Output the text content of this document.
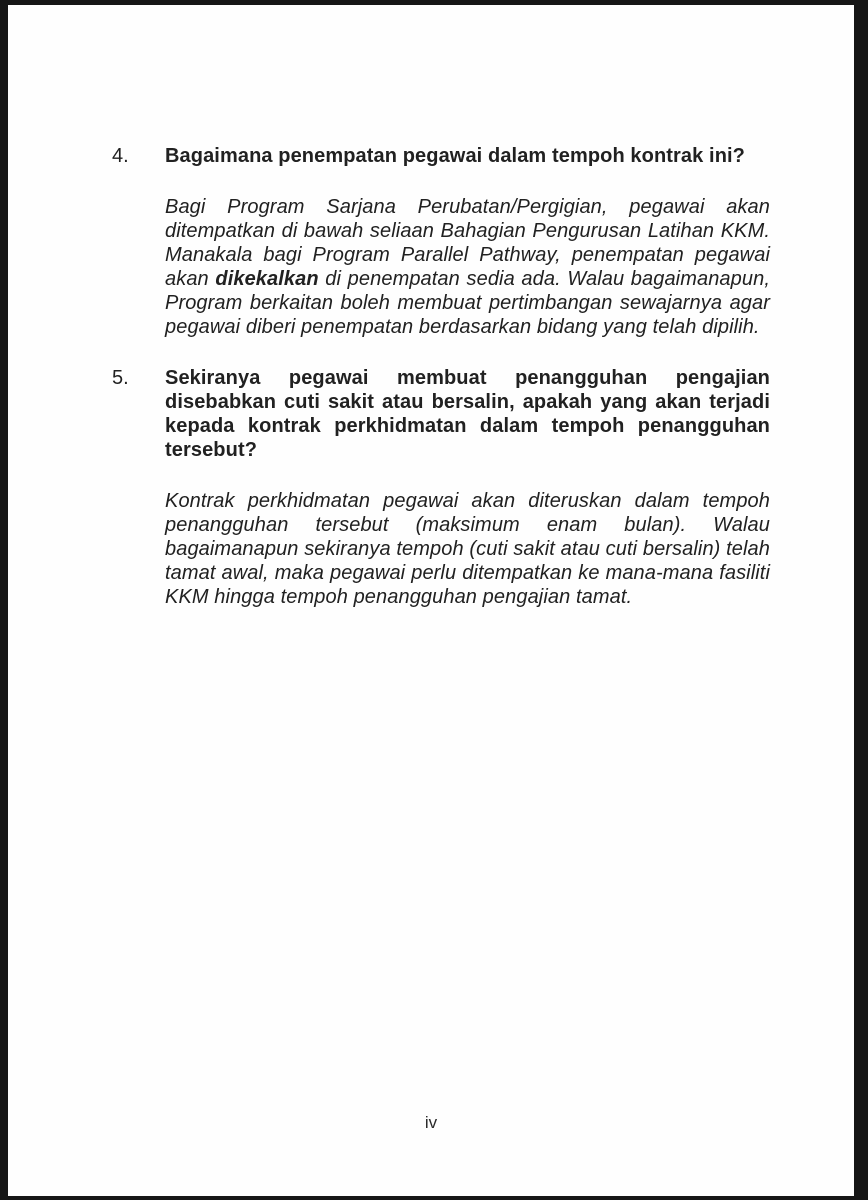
4.	Bagaimana penempatan pegawai dalam tempoh kontrak ini?

Bagi Program Sarjana Perubatan/Pergigian, pegawai akan ditempatkan di bawah seliaan Bahagian Pengurusan Latihan KKM. Manakala bagi Program Parallel Pathway, penempatan pegawai akan dikekalkan di penempatan sedia ada. Walau bagaimanapun, Program berkaitan boleh membuat pertimbangan sewajarnya agar pegawai diberi penempatan berdasarkan bidang yang telah dipilih.

5.	Sekiranya pegawai membuat penangguhan pengajian disebabkan cuti sakit atau bersalin, apakah yang akan terjadi kepada kontrak perkhidmatan dalam tempoh penangguhan tersebut?

Kontrak perkhidmatan pegawai akan diteruskan dalam tempoh penangguhan tersebut (maksimum enam bulan). Walau bagaimanapun sekiranya tempoh (cuti sakit atau cuti bersalin) telah tamat awal, maka pegawai perlu ditempatkan ke mana-mana fasiliti KKM hingga tempoh penangguhan pengajian tamat.

iv
